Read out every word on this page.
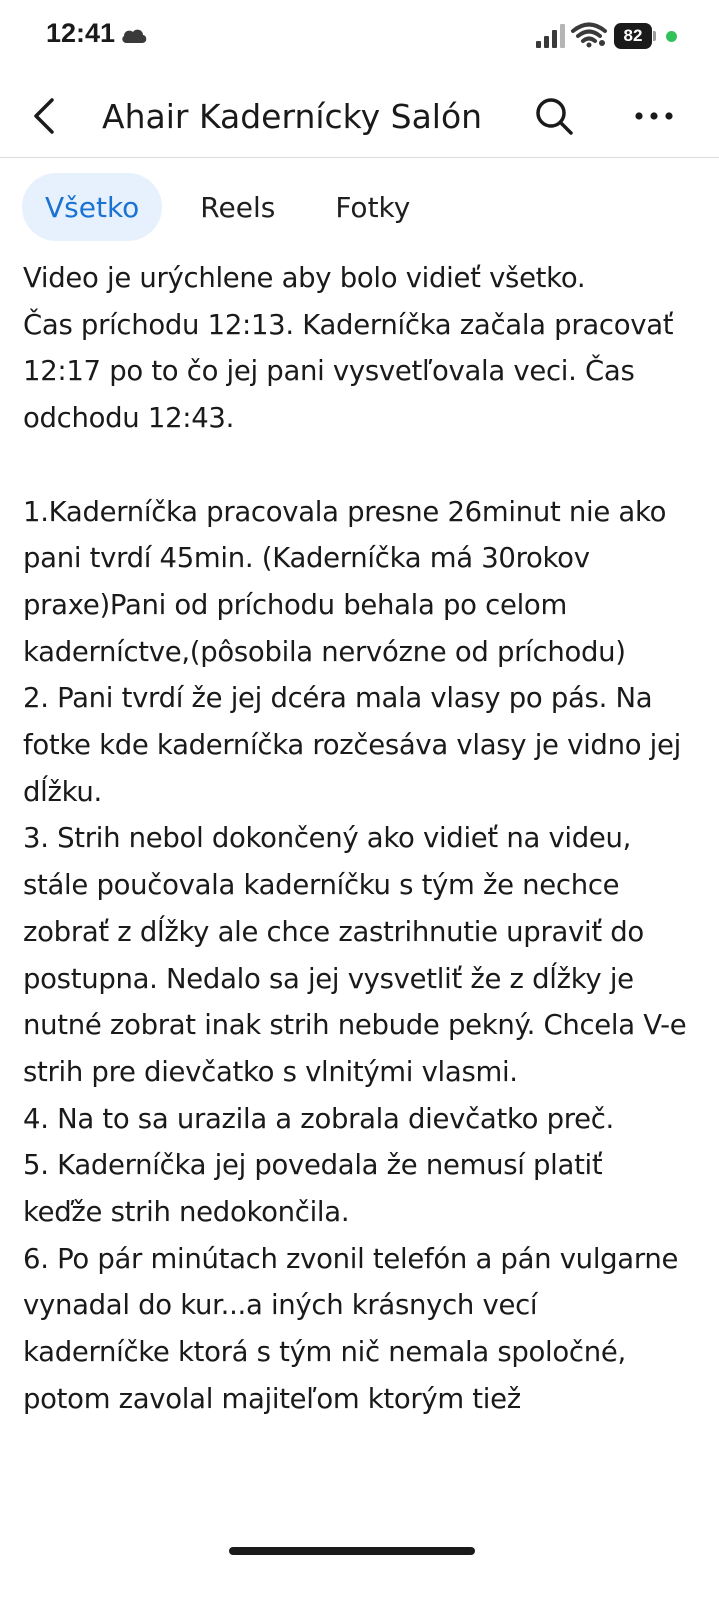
12:41	82
Ahair Kadernícky Salón
Všetko	Reels Fotky
Video je urýchlene aby bolo vidieť všetko.
Čas príchodu 12:13. Kaderníčka začala pracovať 12:17 po to čo jej pani vysvetľovala veci. Čas odchodu 12:43.

1.Kaderníčka pracovala presne 26minut nie ako pani tvrdí 45min. (Kaderníčka má 30rokov praxe)Pani od príchodu behala po celom kaderníctve,(pôsobila nervózne od príchodu)
2. Pani tvrdí že jej dcéra mala vlasy po pás. Na fotke kde kaderníčka rozčesáva vlasy je vidno jej dĺžku.
3. Strih nebol dokončený ako vidieť na videu, stále poučovala kaderníčku s tým že nechce zobrať z dĺžky ale chce zastrihnutie upraviť do postupna. Nedalo sa jej vysvetliť že z dĺžky je nutné zobrat inak strih nebude pekný. Chcela V-e strih pre dievčatko s vlnitými vlasmi.
4. Na to sa urazila a zobrala dievčatko preč.
5. Kaderníčka jej povedala že nemusí platiť keďže strih nedokončila.
6. Po pár minútach zvonil telefón a pán vulgarne vynadal do kur...a iných krásnych vecí kaderníčke ktorá s tým nič nemala spoločné, potom zavolal majiteľom ktorým tiež
